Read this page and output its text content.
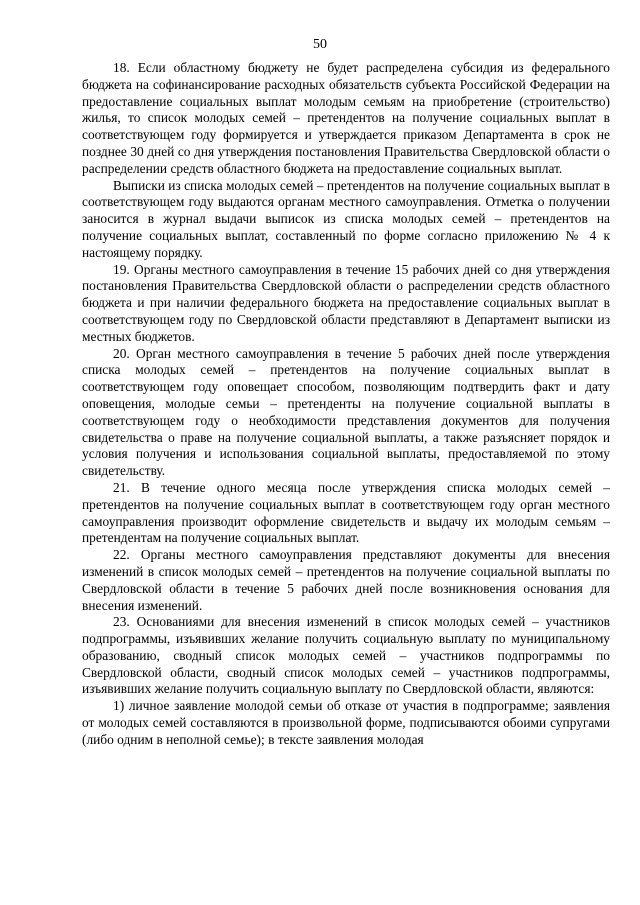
50

18. Если областному бюджету не будет распределена субсидия из федерального бюджета на софинансирование расходных обязательств субъекта Российской Федерации на предоставление социальных выплат молодым семьям на приобретение (строительство) жилья, то список молодых семей – претендентов на получение социальных выплат в соответствующем году формируется и утверждается приказом Департамента в срок не позднее 30 дней со дня утверждения постановления Правительства Свердловской области о распределении средств областного бюджета на предоставление социальных выплат.

Выписки из списка молодых семей – претендентов на получение социальных выплат в соответствующем году выдаются органам местного самоуправления. Отметка о получении заносится в журнал выдачи выписок из списка молодых семей – претендентов на получение социальных выплат, составленный по форме согласно приложению № 4 к настоящему порядку.

19. Органы местного самоуправления в течение 15 рабочих дней со дня утверждения постановления Правительства Свердловской области о распределении средств областного бюджета и при наличии федерального бюджета на предоставление социальных выплат в соответствующем году по Свердловской области представляют в Департамент выписки из местных бюджетов.

20. Орган местного самоуправления в течение 5 рабочих дней после утверждения списка молодых семей – претендентов на получение социальных выплат в соответствующем году оповещает способом, позволяющим подтвердить факт и дату оповещения, молодые семьи – претенденты на получение социальной выплаты в соответствующем году о необходимости представления документов для получения свидетельства о праве на получение социальной выплаты, а также разъясняет порядок и условия получения и использования социальной выплаты, предоставляемой по этому свидетельству.

21. В течение одного месяца после утверждения списка молодых семей – претендентов на получение социальных выплат в соответствующем году орган местного самоуправления производит оформление свидетельств и выдачу их молодым семьям – претендентам на получение социальных выплат.

22. Органы местного самоуправления представляют документы для внесения изменений в список молодых семей – претендентов на получение социальной выплаты по Свердловской области в течение 5 рабочих дней после возникновения основания для внесения изменений.

23. Основаниями для внесения изменений в список молодых семей – участников подпрограммы, изъявивших желание получить социальную выплату по муниципальному образованию, сводный список молодых семей – участников подпрограммы по Свердловской области, сводный список молодых семей – участников подпрограммы, изъявивших желание получить социальную выплату по Свердловской области, являются:

1) личное заявление молодой семьи об отказе от участия в подпрограмме; заявления от молодых семей составляются в произвольной форме, подписываются обоими супругами (либо одним в неполной семье); в тексте заявления молодая
